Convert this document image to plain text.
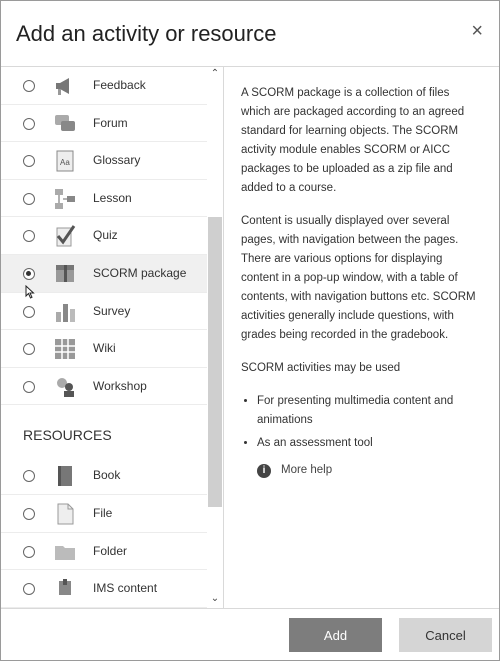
Add an activity or resource	×
Feedback
Forum
Aa Glossary
Lesson
Quiz
SCORM package
Survey
Wiki
Workshop
RESOURCES
Book
File
Folder
IMS content
⌃
⌄

A SCORM package is a collection of files which are packaged according to an agreed standard for learning objects. The SCORM activity module enables SCORM or AICC packages to be uploaded as a zip file and added to a course.

Content is usually displayed over several pages, with navigation between the pages. There are various options for displaying content in a pop-up window, with a table of contents, with navigation buttons etc. SCORM activities generally include questions, with grades being recorded in the gradebook.

SCORM activities may be used

• For presenting multimedia content and animations
• As an assessment tool
i	More help
Add	Cancel
